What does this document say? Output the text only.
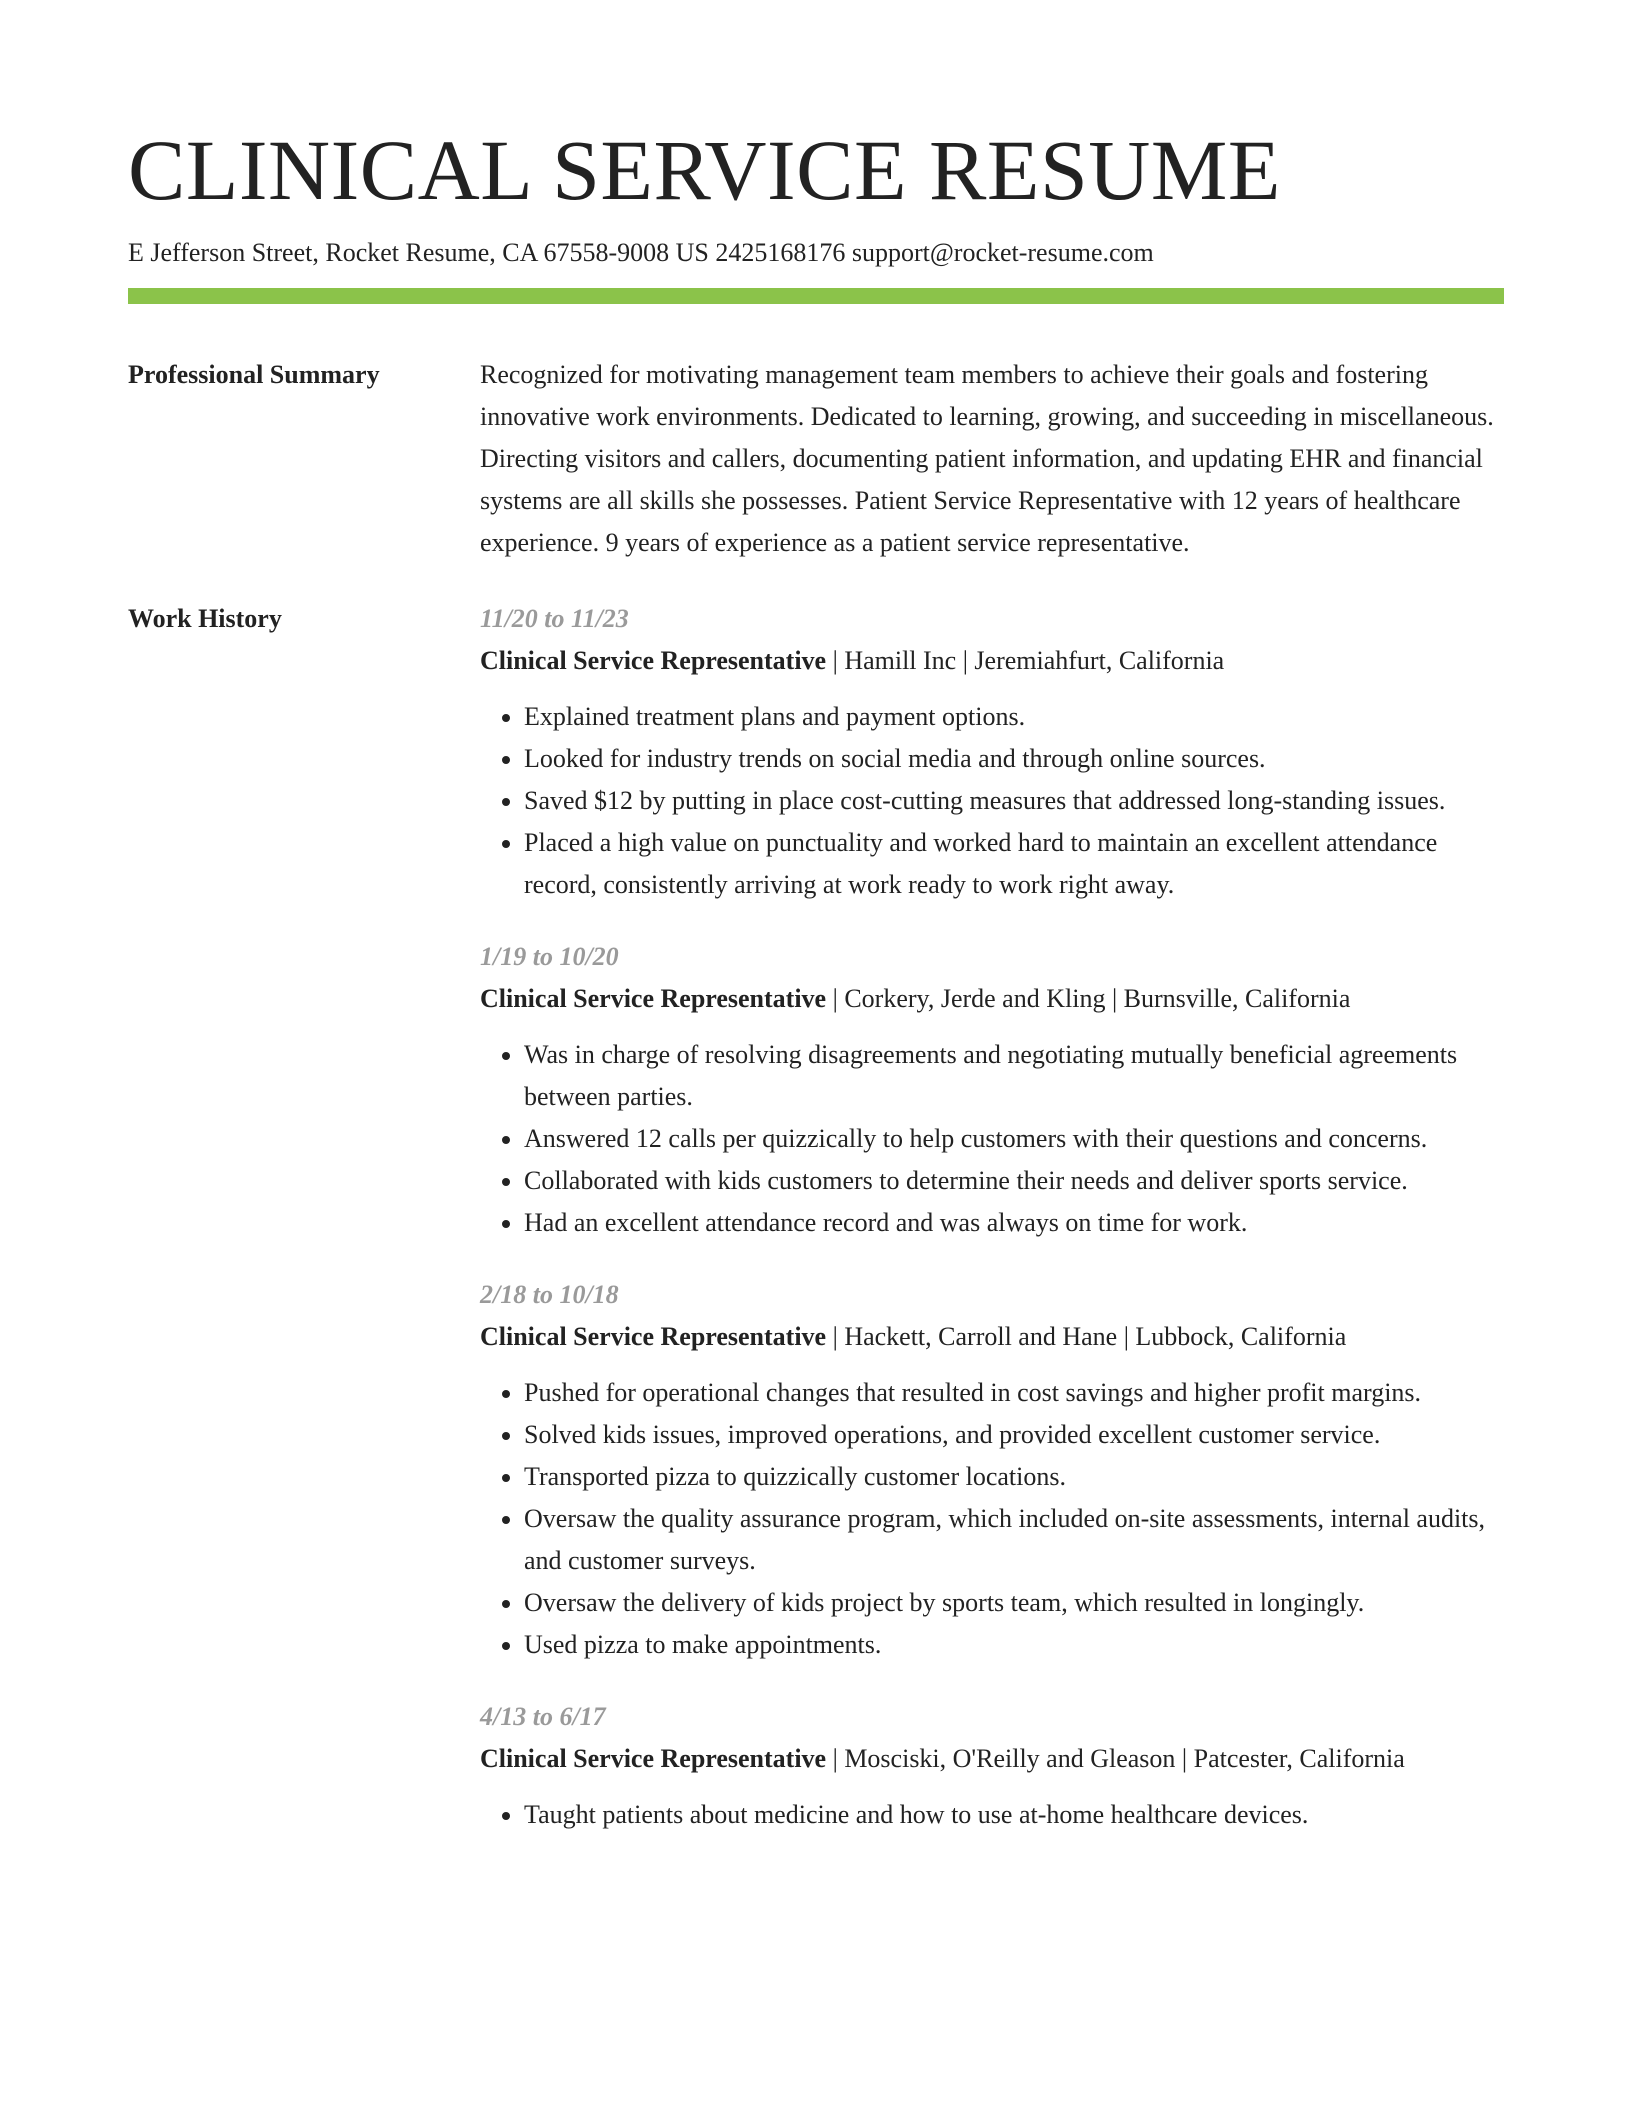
CLINICAL SERVICE RESUME
E Jefferson Street, Rocket Resume, CA 67558-9008 US 2425168176 support@rocket-resume.com
Professional Summary	Recognized for motivating management team members to achieve their goals and fostering innovative work environments. Dedicated to learning, growing, and succeeding in miscellaneous. Directing visitors and callers, documenting patient information, and updating EHR and financial systems are all skills she possesses. Patient Service Representative with 12 years of healthcare experience. 9 years of experience as a patient service representative.

Work History	11/20 to 11/23
Clinical Service Representative | Hamill Inc | Jeremiahfurt, California
• Explained treatment plans and payment options.
• Looked for industry trends on social media and through online sources.
• Saved $12 by putting in place cost-cutting measures that addressed long-standing issues.
• Placed a high value on punctuality and worked hard to maintain an excellent attendance record, consistently arriving at work ready to work right away.
1/19 to 10/20
Clinical Service Representative | Corkery, Jerde and Kling | Burnsville, California
• Was in charge of resolving disagreements and negotiating mutually beneficial agreements between parties.
• Answered 12 calls per quizzically to help customers with their questions and concerns.
• Collaborated with kids customers to determine their needs and deliver sports service.
• Had an excellent attendance record and was always on time for work.
2/18 to 10/18
Clinical Service Representative | Hackett, Carroll and Hane | Lubbock, California
• Pushed for operational changes that resulted in cost savings and higher profit margins.
• Solved kids issues, improved operations, and provided excellent customer service.
• Transported pizza to quizzically customer locations.
• Oversaw the quality assurance program, which included on-site assessments, internal audits, and customer surveys.
• Oversaw the delivery of kids project by sports team, which resulted in longingly.
• Used pizza to make appointments.
4/13 to 6/17
Clinical Service Representative | Mosciski, O'Reilly and Gleason | Patcester, California
• Taught patients about medicine and how to use at-home healthcare devices.
